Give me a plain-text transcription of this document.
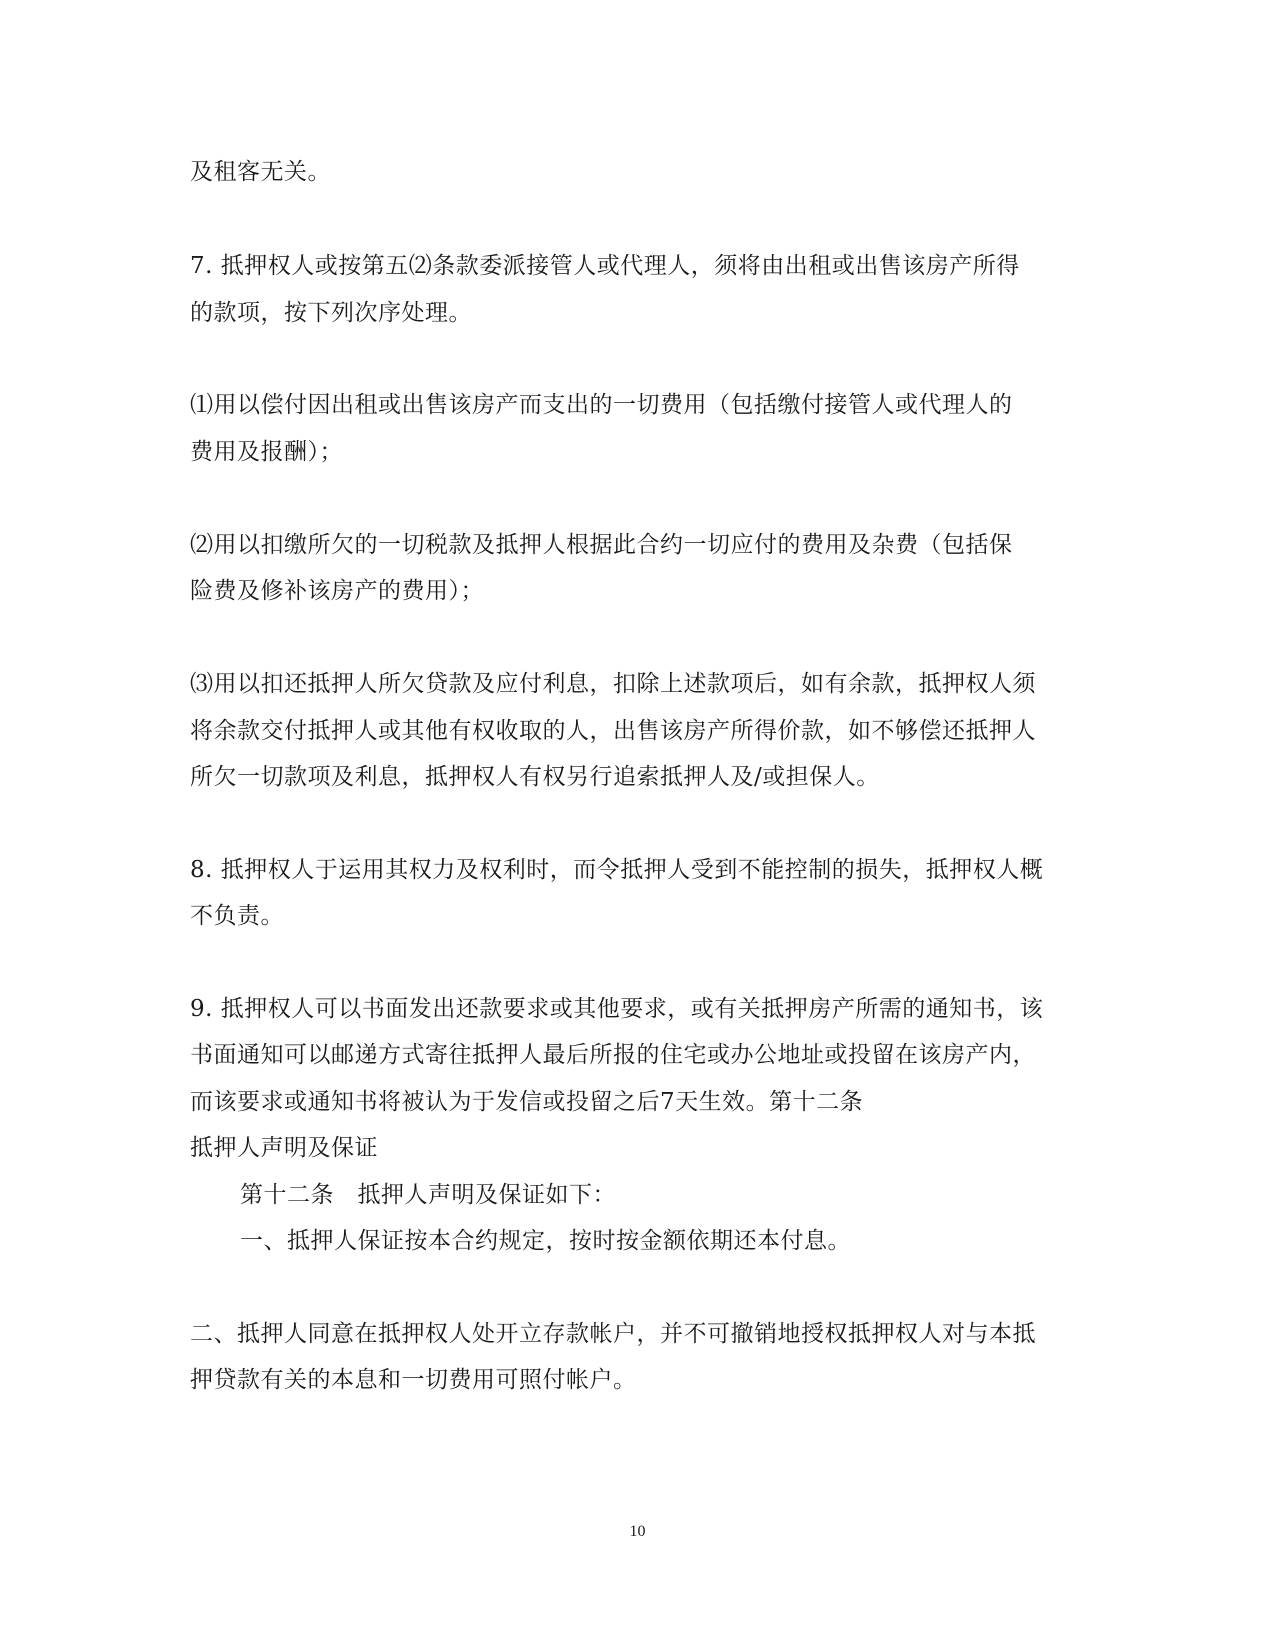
及租客无关。
7. 抵押权人或按第五⑵条款委派接管人或代理人，须将由出租或出售该房产所得
的款项，按下列次序处理。
⑴用以偿付因出租或出售该房产而支出的一切费用（包括缴付接管人或代理人的
费用及报酬）；
⑵用以扣缴所欠的一切税款及抵押人根据此合约一切应付的费用及杂费（包括保
险费及修补该房产的费用）；
⑶用以扣还抵押人所欠贷款及应付利息，扣除上述款项后，如有余款，抵押权人须
将余款交付抵押人或其他有权收取的人，出售该房产所得价款，如不够偿还抵押人
所欠一切款项及利息，抵押权人有权另行追索抵押人及/或担保人。
8. 抵押权人于运用其权力及权利时，而令抵押人受到不能控制的损失，抵押权人概
不负责。
9. 抵押权人可以书面发出还款要求或其他要求，或有关抵押房产所需的通知书，该
书面通知可以邮递方式寄往抵押人最后所报的住宅或办公地址或投留在该房产内，
而该要求或通知书将被认为于发信或投留之后7天生效。第十二条
抵押人声明及保证
第十二条　抵押人声明及保证如下：
一、抵押人保证按本合约规定，按时按金额依期还本付息。
二、抵押人同意在抵押权人处开立存款帐户，并不可撤销地授权抵押权人对与本抵
押贷款有关的本息和一切费用可照付帐户。
10
